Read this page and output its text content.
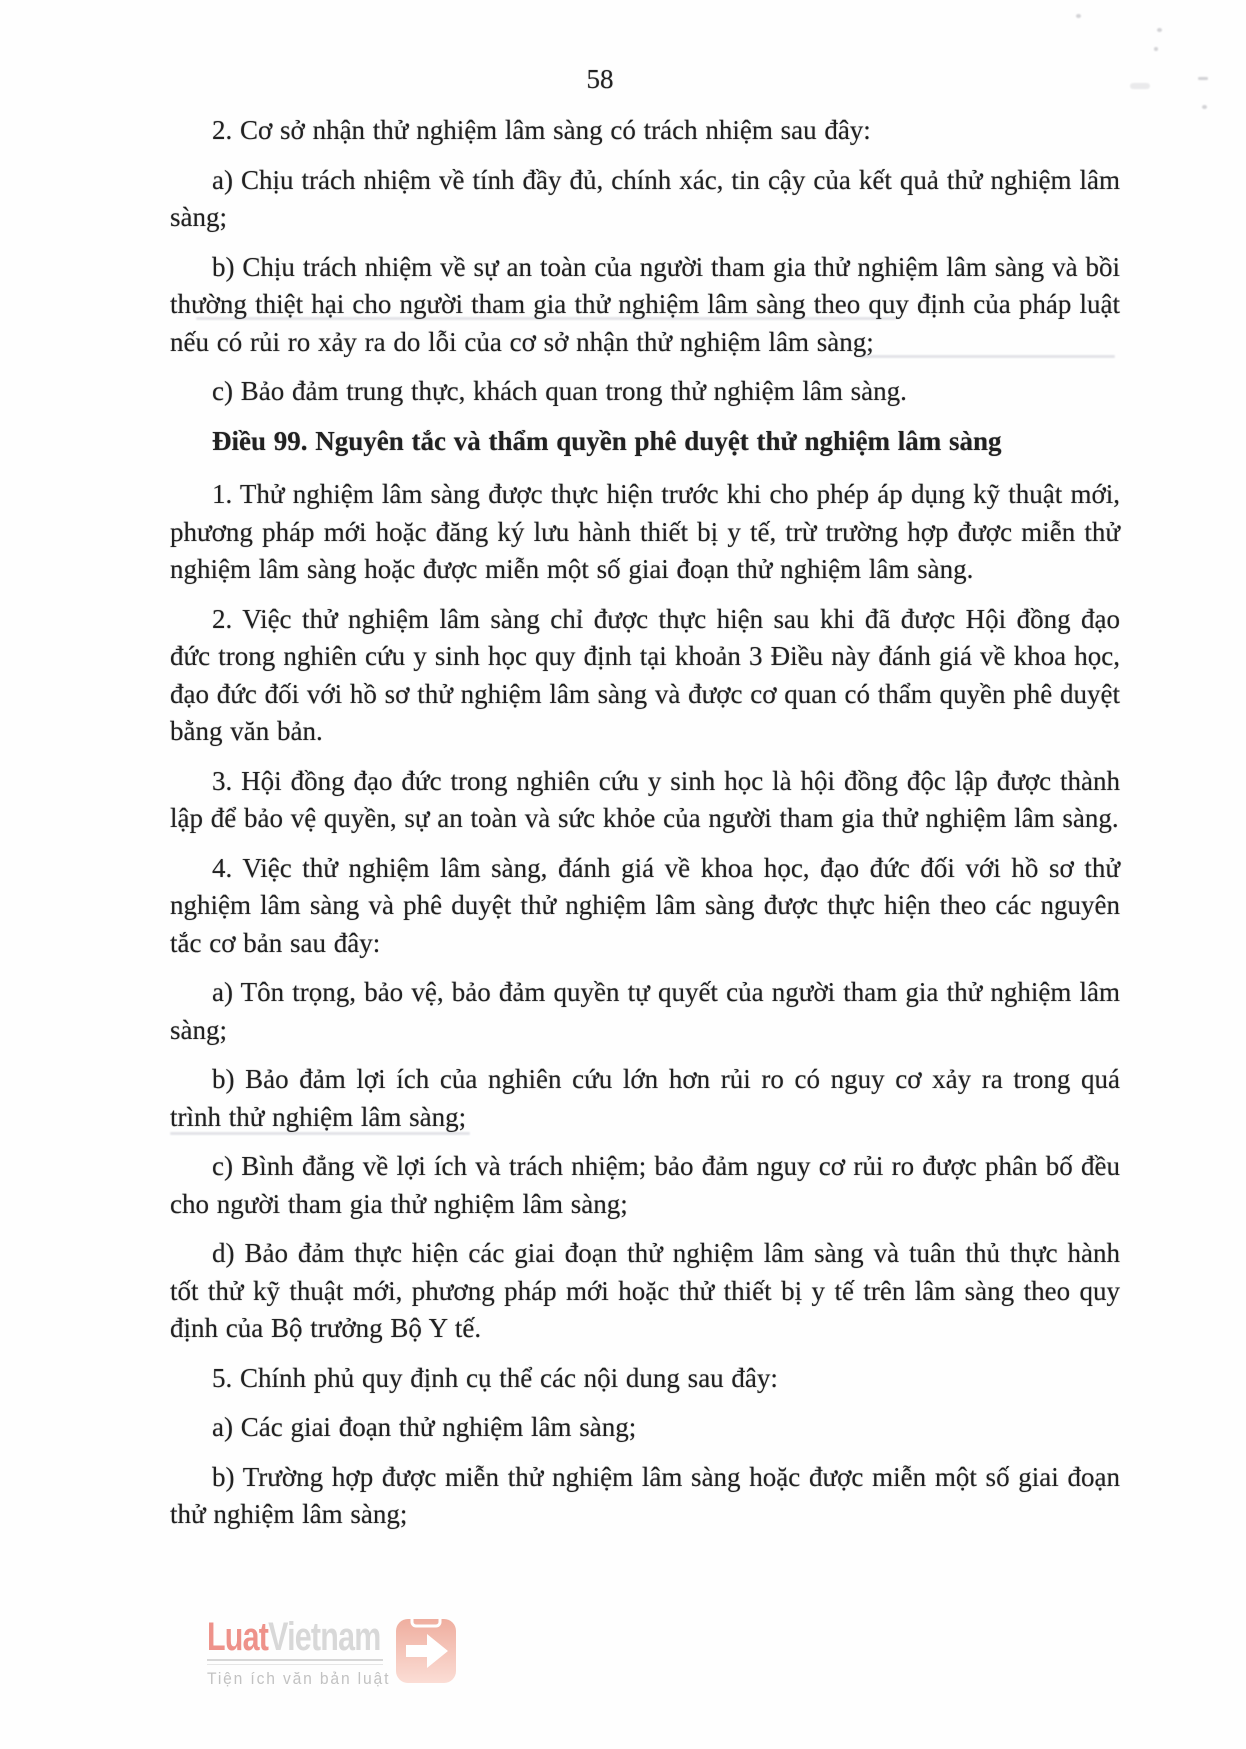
58

2. Cơ sở nhận thử nghiệm lâm sàng có trách nhiệm sau đây:

a) Chịu trách nhiệm về tính đầy đủ, chính xác, tin cậy của kết quả thử nghiệm lâm sàng;

b) Chịu trách nhiệm về sự an toàn của người tham gia thử nghiệm lâm sàng và bồi thường thiệt hại cho người tham gia thử nghiệm lâm sàng theo quy định của pháp luật nếu có rủi ro xảy ra do lỗi của cơ sở nhận thử nghiệm lâm sàng;

c) Bảo đảm trung thực, khách quan trong thử nghiệm lâm sàng.

Điều 99. Nguyên tắc và thẩm quyền phê duyệt thử nghiệm lâm sàng

1. Thử nghiệm lâm sàng được thực hiện trước khi cho phép áp dụng kỹ thuật mới, phương pháp mới hoặc đăng ký lưu hành thiết bị y tế, trừ trường hợp được miễn thử nghiệm lâm sàng hoặc được miễn một số giai đoạn thử nghiệm lâm sàng.

2. Việc thử nghiệm lâm sàng chỉ được thực hiện sau khi đã được Hội đồng đạo đức trong nghiên cứu y sinh học quy định tại khoản 3 Điều này đánh giá về khoa học, đạo đức đối với hồ sơ thử nghiệm lâm sàng và được cơ quan có thẩm quyền phê duyệt bằng văn bản.

3. Hội đồng đạo đức trong nghiên cứu y sinh học là hội đồng độc lập được thành lập để bảo vệ quyền, sự an toàn và sức khỏe của người tham gia thử nghiệm lâm sàng.

4. Việc thử nghiệm lâm sàng, đánh giá về khoa học, đạo đức đối với hồ sơ thử nghiệm lâm sàng và phê duyệt thử nghiệm lâm sàng được thực hiện theo các nguyên tắc cơ bản sau đây:

a) Tôn trọng, bảo vệ, bảo đảm quyền tự quyết của người tham gia thử nghiệm lâm sàng;

b) Bảo đảm lợi ích của nghiên cứu lớn hơn rủi ro có nguy cơ xảy ra trong quá trình thử nghiệm lâm sàng;

c) Bình đẳng về lợi ích và trách nhiệm; bảo đảm nguy cơ rủi ro được phân bố đều cho người tham gia thử nghiệm lâm sàng;

d) Bảo đảm thực hiện các giai đoạn thử nghiệm lâm sàng và tuân thủ thực hành tốt thử kỹ thuật mới, phương pháp mới hoặc thử thiết bị y tế trên lâm sàng theo quy định của Bộ trưởng Bộ Y tế.

5. Chính phủ quy định cụ thể các nội dung sau đây:

a) Các giai đoạn thử nghiệm lâm sàng;

b) Trường hợp được miễn thử nghiệm lâm sàng hoặc được miễn một số giai đoạn thử nghiệm lâm sàng;

LuatVietnam
Tiện ích văn bản luật
